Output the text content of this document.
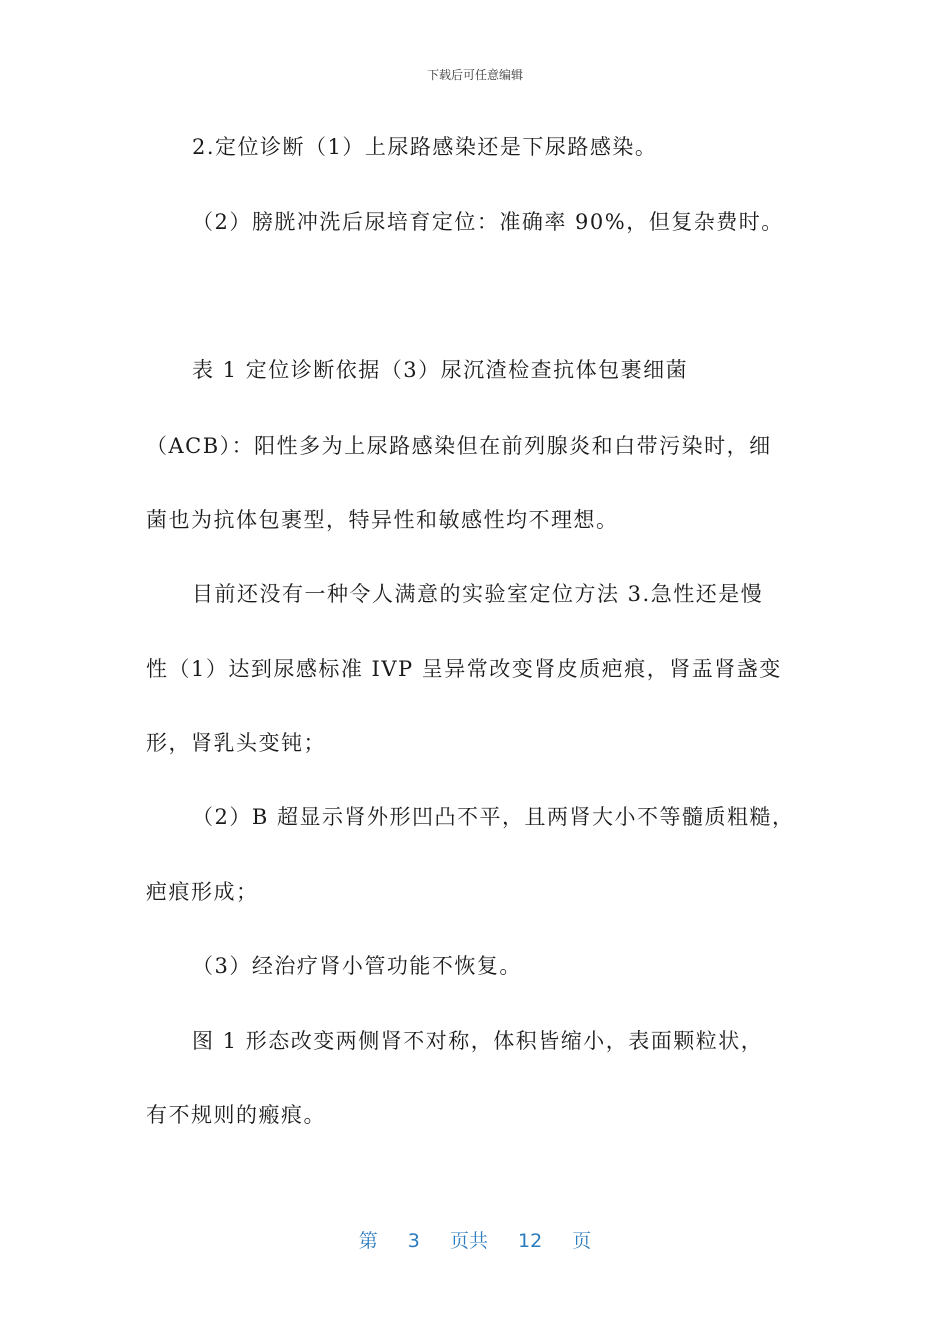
下载后可任意编辑
2.定位诊断（1）上尿路感染还是下尿路感染。
（2）膀胱冲洗后尿培育定位：准确率 90%，但复杂费时。
表 1 定位诊断依据（3）尿沉渣检查抗体包裹细菌
（ACB）：阳性多为上尿路感染但在前列腺炎和白带污染时，细
菌也为抗体包裹型，特异性和敏感性均不理想。
目前还没有一种令人满意的实验室定位方法 3.急性还是慢
性（1）达到尿感标准 IVP 呈异常改变肾皮质疤痕，肾盂肾盏变
形，肾乳头变钝；
（2）B 超显示肾外形凹凸不平，且两肾大小不等髓质粗糙，
疤痕形成；
（3）经治疗肾小管功能不恢复。
图 1 形态改变两侧肾不对称，体积皆缩小，表面颗粒状，
有不规则的瘢痕。
第 3 页共 12 页
